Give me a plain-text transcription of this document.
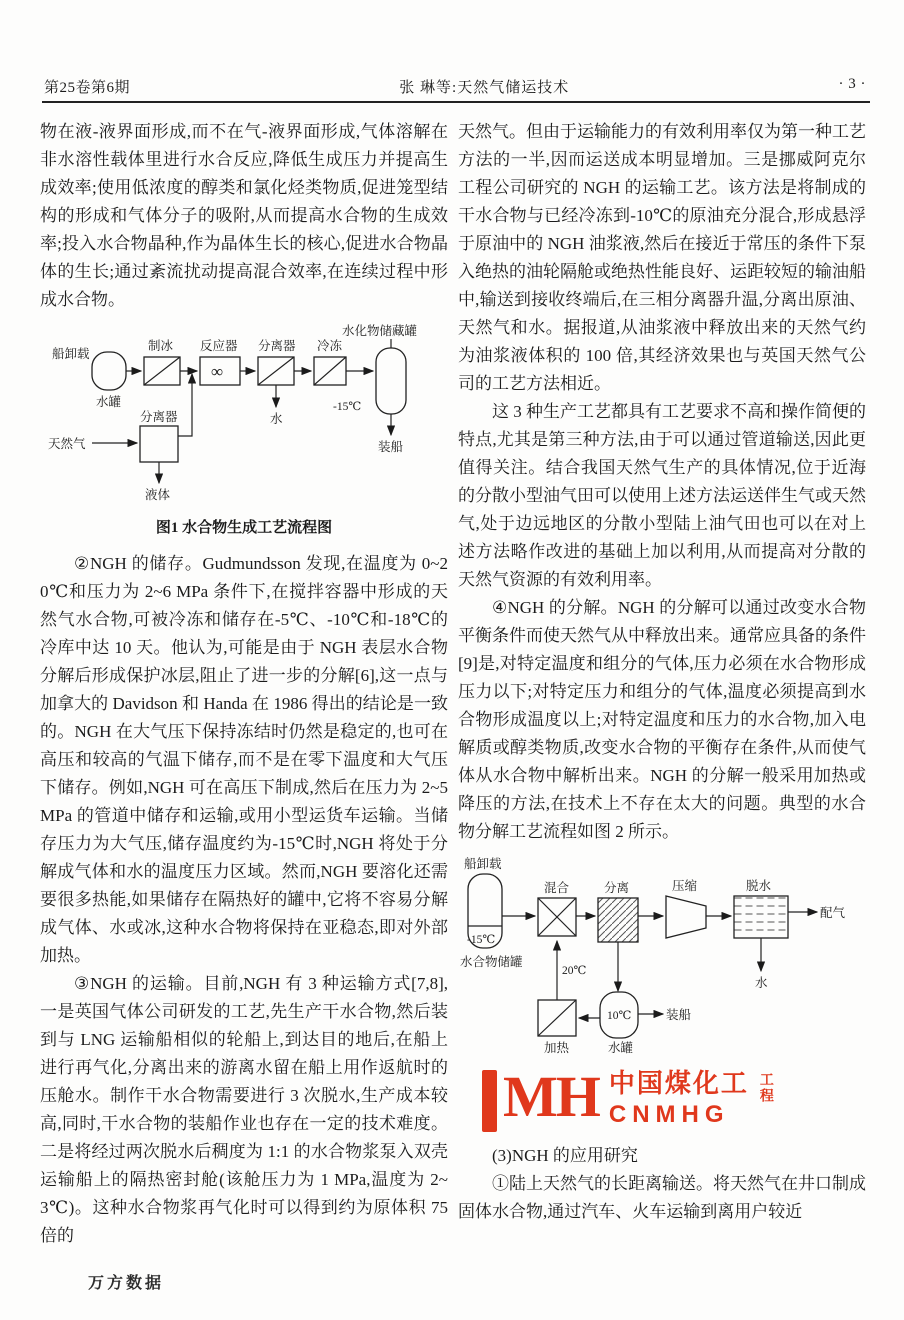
第25卷第6期	张 琳等:天然气储运技术	· 3 ·

物在液-液界面形成,而不在气-液界面形成,气体溶解在非水溶性载体里进行水合反应,降低生成压力并提高生成效率;使用低浓度的醇类和氯化烃类物质,促进笼型结构的形成和气体分子的吸附,从而提高水合物的生成效率;投入水合物晶种,作为晶体生长的核心,促进水合物晶体的生长;通过紊流扰动提高混合效率,在连续过程中形成水合物。

水化物储藏罐
船卸载
水罐
制冰 反应器
∞
分离器
水
冷冻
-15℃
装船
天然气
分离器
液体
图1 水合物生成工艺流程图

②NGH 的储存。Gudmundsson 发现,在温度为 0~20℃和压力为 2~6 MPa 条件下,在搅拌容器中形成的天然气水合物,可被冷冻和储存在-5℃、-10℃和-18℃的冷库中达 10 天。他认为,可能是由于 NGH 表层水合物分解后形成保护冰层,阻止了进一步的分解[6],这一点与加拿大的 Davidson 和 Handa 在 1986 得出的结论是一致的。NGH 在大气压下保持冻结时仍然是稳定的,也可在高压和较高的气温下储存,而不是在零下温度和大气压下储存。例如,NGH 可在高压下制成,然后在压力为 2~5 MPa 的管道中储存和运输,或用小型运货车运输。当储存压力为大气压,储存温度约为-15℃时,NGH 将处于分解成气体和水的温度压力区域。然而,NGH 要溶化还需要很多热能,如果储存在隔热好的罐中,它将不容易分解成气体、水或冰,这种水合物将保持在亚稳态,即对外部加热。

③NGH 的运输。目前,NGH 有 3 种运输方式[7,8],一是英国气体公司研发的工艺,先生产干水合物,然后装到与 LNG 运输船相似的轮船上,到达目的地后,在船上进行再气化,分离出来的游离水留在船上用作返航时的压舱水。制作干水合物需要进行 3 次脱水,生产成本较高,同时,干水合物的装船作业也存在一定的技术难度。二是将经过两次脱水后稠度为 1:1 的水合物浆泵入双壳运输船上的隔热密封舱(该舱压力为 1 MPa,温度为 2~3℃)。这种水合物浆再气化时可以得到约为原体积 75 倍的

天然气。但由于运输能力的有效利用率仅为第一种工艺方法的一半,因而运送成本明显增加。三是挪威阿克尔工程公司研究的 NGH 的运输工艺。该方法是将制成的干水合物与已经冷冻到-10℃的原油充分混合,形成悬浮于原油中的 NGH 油浆液,然后在接近于常压的条件下泵入绝热的油轮隔舱或绝热性能良好、运距较短的输油船中,输送到接收终端后,在三相分离器升温,分离出原油、天然气和水。据报道,从油浆液中释放出来的天然气约为油浆液体积的 100 倍,其经济效果也与英国天然气公司的工艺方法相近。

这 3 种生产工艺都具有工艺要求不高和操作简便的特点,尤其是第三种方法,由于可以通过管道输送,因此更值得关注。结合我国天然气生产的具体情况,位于近海的分散小型油气田可以使用上述方法运送伴生气或天然气,处于边远地区的分散小型陆上油气田也可以在对上述方法略作改进的基础上加以利用,从而提高对分散的天然气资源的有效利用率。

④NGH 的分解。NGH 的分解可以通过改变水合物平衡条件而使天然气从中释放出来。通常应具备的条件[9]是,对特定温度和组分的气体,压力必须在水合物形成压力以下;对特定压力和组分的气体,温度必须提高到水合物形成温度以上;对特定温度和压力的水合物,加入电解质或醇类物质,改变水合物的平衡存在条件,从而使气体从水合物中解析出来。NGH 的分解一般采用加热或降压的方法,在技术上不存在太大的问题。典型的水合物分解工艺流程如图 2 所示。

船卸载
-15℃
水合物储罐
混合	分离	压缩	脱水
配气
水
20℃
加热
10℃
水罐
装船
MH 中国煤化工
CNMHG
工程

(3)NGH 的应用研究

①陆上天然气的长距离输送。将天然气在井口制成固体水合物,通过汽车、火车运输到离用户较近

万方数据
